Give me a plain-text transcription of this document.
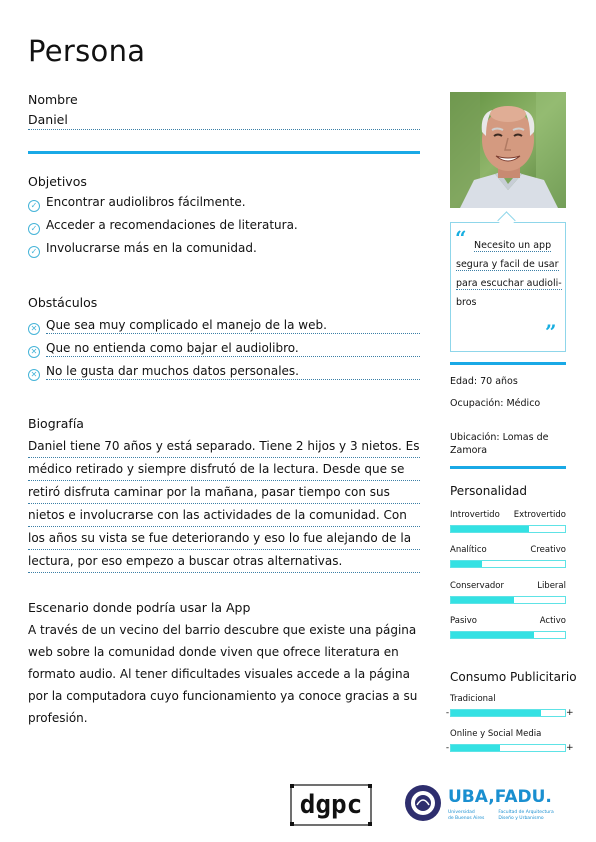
Persona
Nombre
Daniel
Objetivos
✓ Encontrar audiolibros fácilmente.
✓ Acceder a recomendaciones de literatura.
✓ Involucrarse más en la comunidad.
Obstáculos
✕ Que sea muy complicado el manejo de la web.
✕ Que no entienda como bajar el audiolibro.
✕ No le gusta dar muchos datos personales.
Biografía
Daniel tiene 70 años y está separado. Tiene 2 hijos y 3 nietos. Es
médico retirado y siempre disfrutó de la lectura. Desde que se
retiró disfruta caminar por la mañana, pasar tiempo con sus
nietos e involucrarse con las actividades de la comunidad. Con
los años su vista se fue deteriorando y eso lo fue alejando de la
lectura, por eso empezo a buscar otras alternativas.
Escenario donde podría usar la App
A través de un vecino del barrio descubre que existe una página
web sobre la comunidad donde viven que ofrece literatura en
formato audio. Al tener dificultades visuales accede a la página
por la computadora cuyo funcionamiento ya conoce gracias a su
profesión.
“
”
Necesito un app
segura y facil de usar
para escuchar audioli-
bros
Edad: 70 años
Ocupación: Médico
Ubicación: Lomas de
Zamora
Personalidad
Introvertido Extrovertido
Analítico	Creativo
Conservador	Liberal
Pasivo	Activo
Consumo Publicitario
Tradicional
-	+
Online y Social Media
-	+
dgpc	UBA,FADU.
Universidad
de Buenos Aires
Facultad de Arquitectura
Diseño y Urbanismo
